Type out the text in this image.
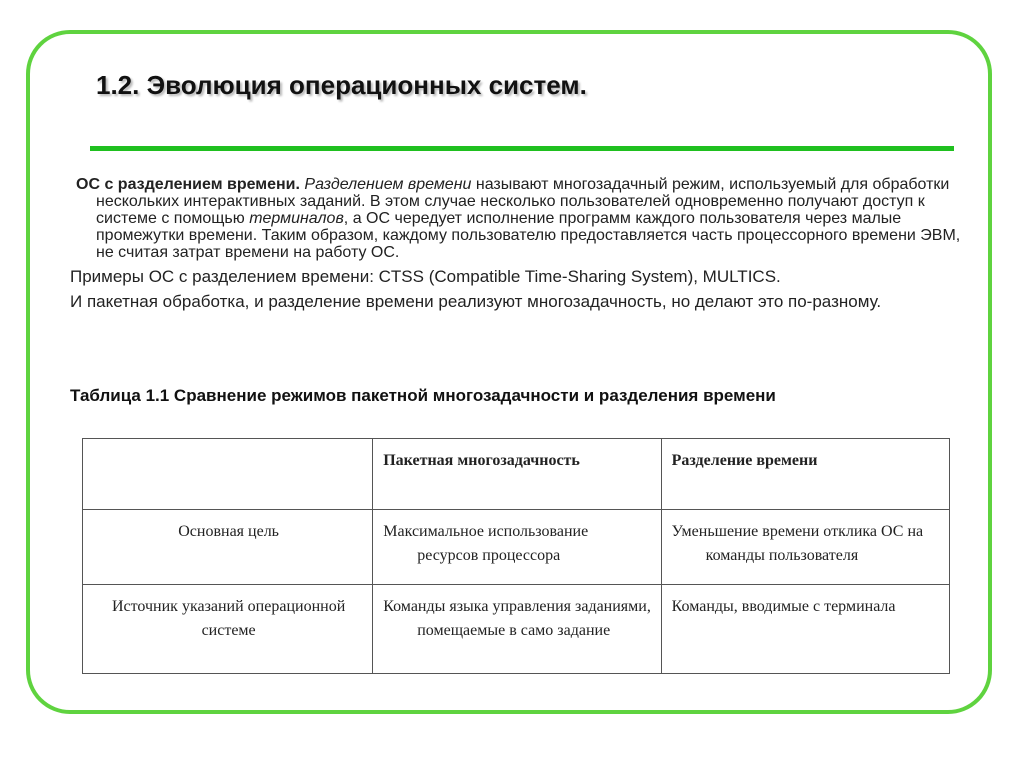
1.2. Эволюция операционных систем.

ОС с разделением времени. Разделением времени называют многозадачный режим, используемый для обработки нескольких интерактивных заданий. В этом случае несколько пользователей одновременно получают доступ к системе с помощью терминалов, а ОС чередует исполнение программ каждого пользователя через малые промежутки времени. Таким образом, каждому пользователю предоставляется часть процессорного времени ЭВМ, не считая затрат времени на работу ОС.

Примеры ОС с разделением времени: CTSS (Compatible Time-Sharing System), MULTICS.

И пакетная обработка, и разделение времени реализуют многозадачность, но делают это по-разному.

Таблица 1.1 Сравнение режимов пакетной многозадачности и разделения времени

	Пакетная многозадачность	Разделение времени
Основная цель	Максимальное использование ресурсов процессора	Уменьшение времени отклика ОС на команды пользователя

Источник указаний операционной системе	Команды языка управления заданиями, помещаемые в само задание	Команды, вводимые с терминала
